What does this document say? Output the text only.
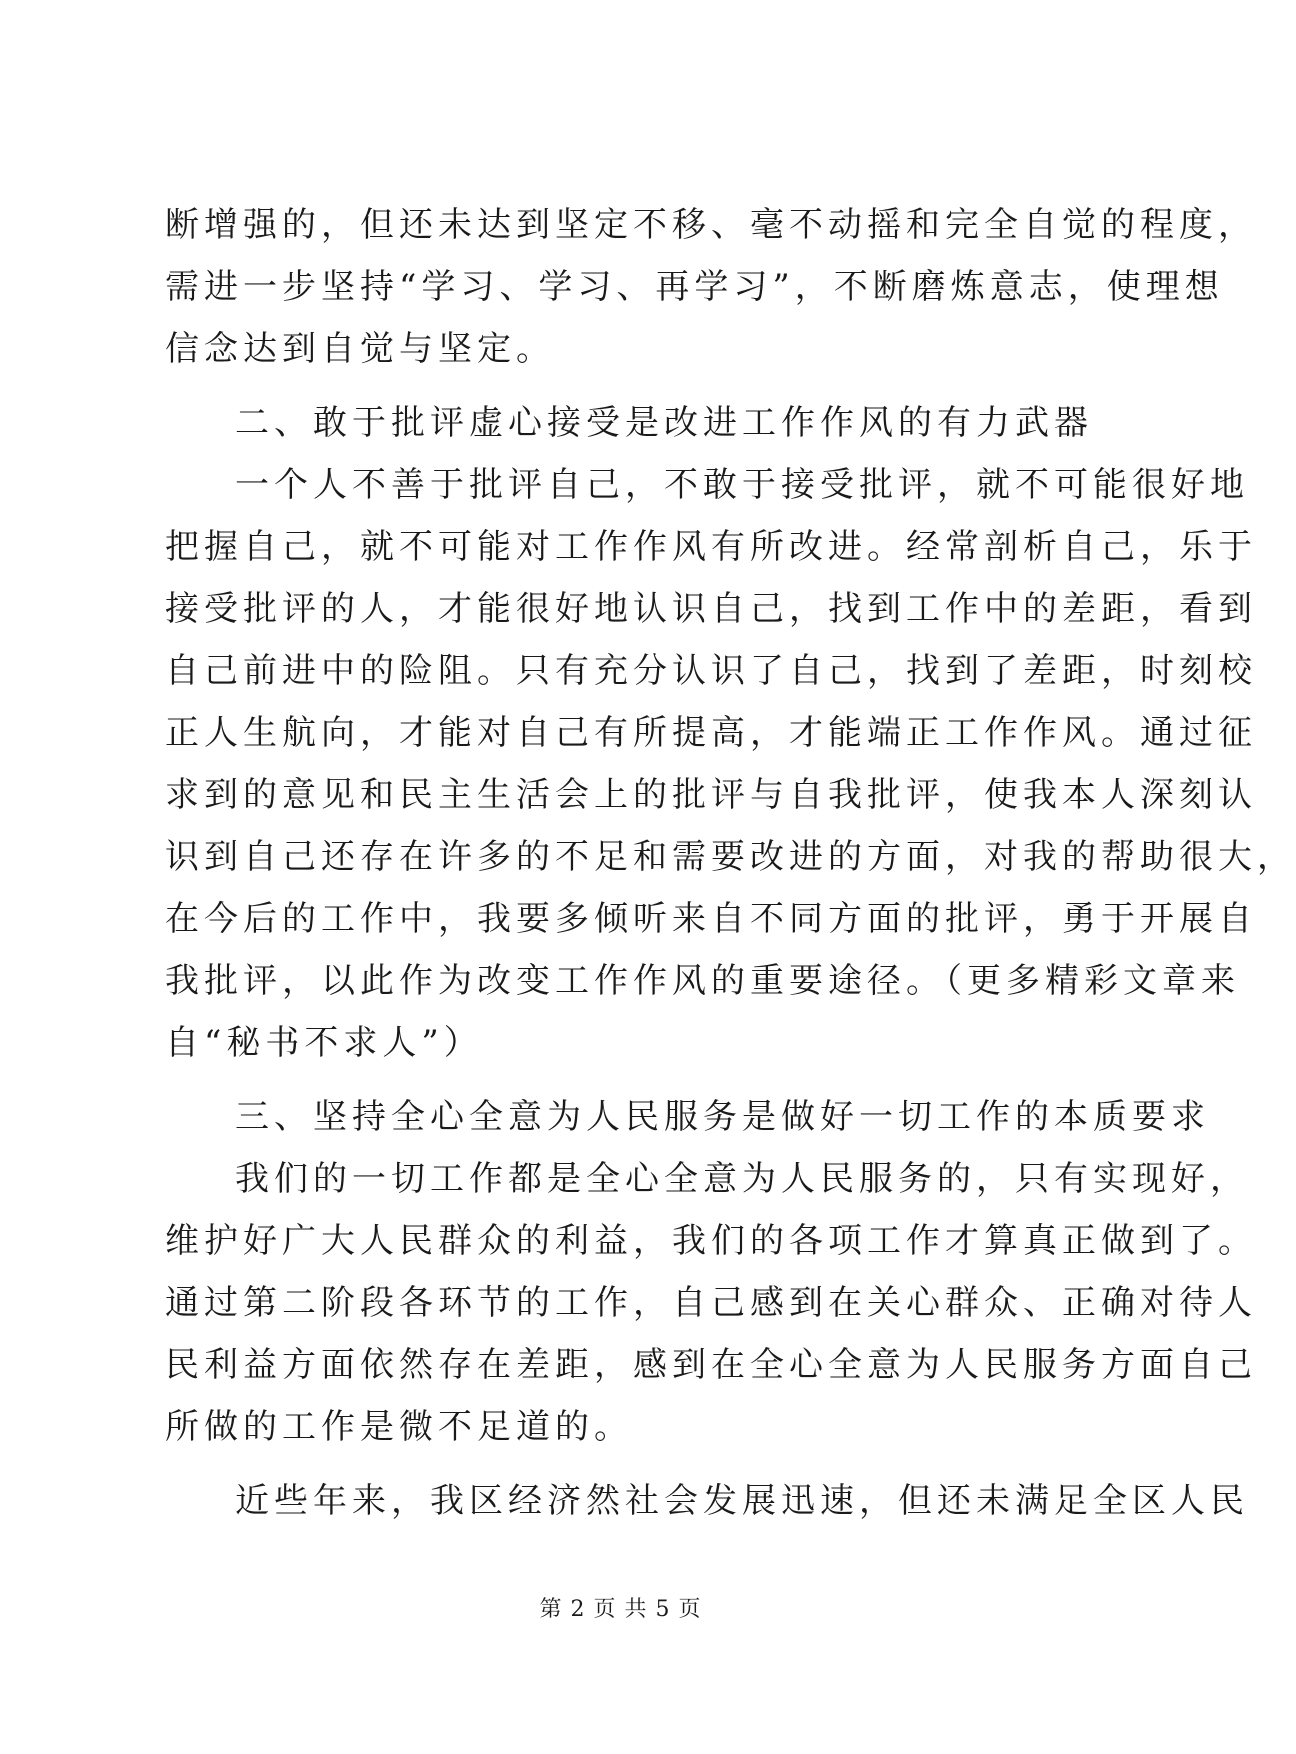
断增强的，但还未达到坚定不移、毫不动摇和完全自觉的程度，
需进一步坚持“学习、学习、再学习”，不断磨炼意志，使理想
信念达到自觉与坚定。
二、敢于批评虚心接受是改进工作作风的有力武器
一个人不善于批评自己，不敢于接受批评，就不可能很好地
把握自己，就不可能对工作作风有所改进。经常剖析自己，乐于
接受批评的人，才能很好地认识自己，找到工作中的差距，看到
自己前进中的险阻。只有充分认识了自己，找到了差距，时刻校
正人生航向，才能对自己有所提高，才能端正工作作风。通过征
求到的意见和民主生活会上的批评与自我批评，使我本人深刻认
识到自己还存在许多的不足和需要改进的方面，对我的帮助很大，
在今后的工作中，我要多倾听来自不同方面的批评，勇于开展自
我批评，以此作为改变工作作风的重要途径。（更多精彩文章来
自“秘书不求人”）
三、坚持全心全意为人民服务是做好一切工作的本质要求
我们的一切工作都是全心全意为人民服务的，只有实现好，
维护好广大人民群众的利益，我们的各项工作才算真正做到了。
通过第二阶段各环节的工作，自己感到在关心群众、正确对待人
民利益方面依然存在差距，感到在全心全意为人民服务方面自己
所做的工作是微不足道的。
近些年来，我区经济然社会发展迅速，但还未满足全区人民
第 2 页 共 5 页
